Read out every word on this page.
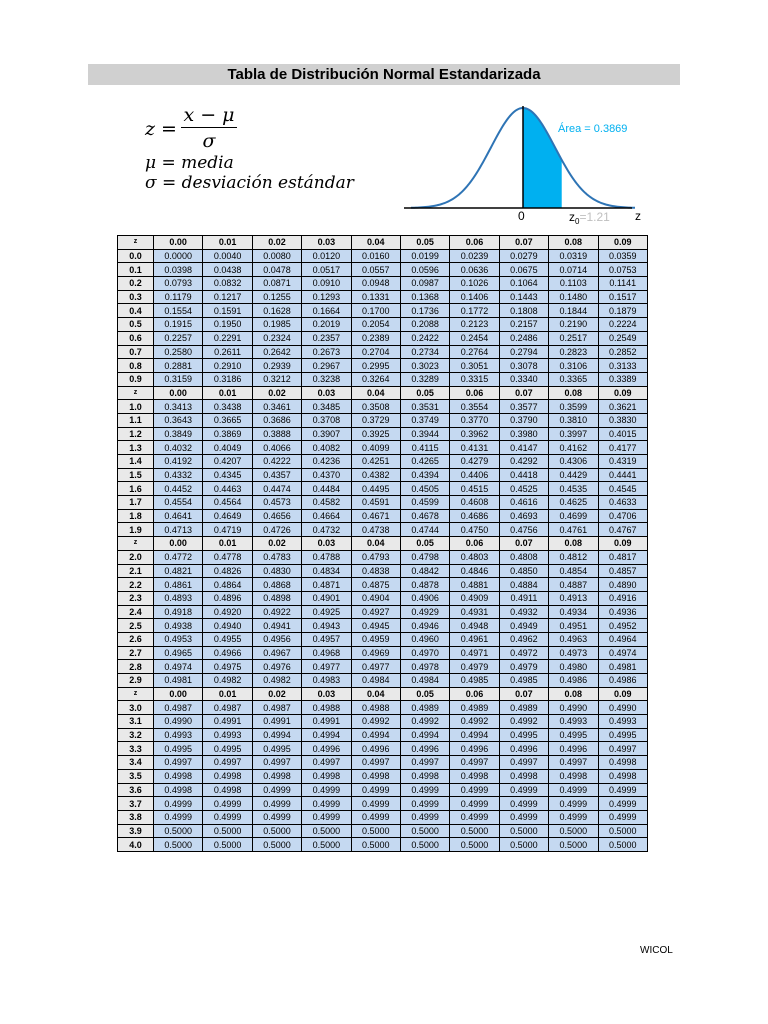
Tabla de Distribución Normal Estandarizada
$z = \frac{x - \mu}{\sigma}$
μ = media
σ = desviación estándar
Área = 0.3869
0	$z_0=1.21$ z
z	0.00	0.01	0.02	0.03	0.04	0.05	0.06	0.07	0.08	0.09
0.0	0.0000	0.0040	0.0080	0.0120	0.0160	0.0199	0.0239	0.0279	0.0319	0.0359
0.1	0.0398	0.0438	0.0478	0.0517	0.0557	0.0596	0.0636	0.0675	0.0714	0.0753
0.2	0.0793	0.0832	0.0871	0.0910	0.0948	0.0987	0.1026	0.1064	0.1103	0.1141
0.3	0.1179	0.1217	0.1255	0.1293	0.1331	0.1368	0.1406	0.1443	0.1480	0.1517
0.4	0.1554	0.1591	0.1628	0.1664	0.1700	0.1736	0.1772	0.1808	0.1844	0.1879
0.5	0.1915	0.1950	0.1985	0.2019	0.2054	0.2088	0.2123	0.2157	0.2190	0.2224
0.6	0.2257	0.2291	0.2324	0.2357	0.2389	0.2422	0.2454	0.2486	0.2517	0.2549
0.7	0.2580	0.2611	0.2642	0.2673	0.2704	0.2734	0.2764	0.2794	0.2823	0.2852
0.8	0.2881	0.2910	0.2939	0.2967	0.2995	0.3023	0.3051	0.3078	0.3106	0.3133
0.9	0.3159	0.3186	0.3212	0.3238	0.3264	0.3289	0.3315	0.3340	0.3365	0.3389
z	0.00	0.01	0.02	0.03	0.04	0.05	0.06	0.07	0.08	0.09
1.0	0.3413	0.3438	0.3461	0.3485	0.3508	0.3531	0.3554	0.3577	0.3599	0.3621
1.1	0.3643	0.3665	0.3686	0.3708	0.3729	0.3749	0.3770	0.3790	0.3810	0.3830
1.2	0.3849	0.3869	0.3888	0.3907	0.3925	0.3944	0.3962	0.3980	0.3997	0.4015
1.3	0.4032	0.4049	0.4066	0.4082	0.4099	0.4115	0.4131	0.4147	0.4162	0.4177
1.4	0.4192	0.4207	0.4222	0.4236	0.4251	0.4265	0.4279	0.4292	0.4306	0.4319
1.5	0.4332	0.4345	0.4357	0.4370	0.4382	0.4394	0.4406	0.4418	0.4429	0.4441
1.6	0.4452	0.4463	0.4474	0.4484	0.4495	0.4505	0.4515	0.4525	0.4535	0.4545
1.7	0.4554	0.4564	0.4573	0.4582	0.4591	0.4599	0.4608	0.4616	0.4625	0.4633
1.8	0.4641	0.4649	0.4656	0.4664	0.4671	0.4678	0.4686	0.4693	0.4699	0.4706
1.9	0.4713	0.4719	0.4726	0.4732	0.4738	0.4744	0.4750	0.4756	0.4761	0.4767
z	0.00	0.01	0.02	0.03	0.04	0.05	0.06	0.07	0.08	0.09
2.0	0.4772	0.4778	0.4783	0.4788	0.4793	0.4798	0.4803	0.4808	0.4812	0.4817
2.1	0.4821	0.4826	0.4830	0.4834	0.4838	0.4842	0.4846	0.4850	0.4854	0.4857
2.2	0.4861	0.4864	0.4868	0.4871	0.4875	0.4878	0.4881	0.4884	0.4887	0.4890
2.3	0.4893	0.4896	0.4898	0.4901	0.4904	0.4906	0.4909	0.4911	0.4913	0.4916
2.4	0.4918	0.4920	0.4922	0.4925	0.4927	0.4929	0.4931	0.4932	0.4934	0.4936
2.5	0.4938	0.4940	0.4941	0.4943	0.4945	0.4946	0.4948	0.4949	0.4951	0.4952
2.6	0.4953	0.4955	0.4956	0.4957	0.4959	0.4960	0.4961	0.4962	0.4963	0.4964
2.7	0.4965	0.4966	0.4967	0.4968	0.4969	0.4970	0.4971	0.4972	0.4973	0.4974
2.8	0.4974	0.4975	0.4976	0.4977	0.4977	0.4978	0.4979	0.4979	0.4980	0.4981
2.9	0.4981	0.4982	0.4982	0.4983	0.4984	0.4984	0.4985	0.4985	0.4986	0.4986
z	0.00	0.01	0.02	0.03	0.04	0.05	0.06	0.07	0.08	0.09
3.0	0.4987	0.4987	0.4987	0.4988	0.4988	0.4989	0.4989	0.4989	0.4990	0.4990
3.1	0.4990	0.4991	0.4991	0.4991	0.4992	0.4992	0.4992	0.4992	0.4993	0.4993
3.2	0.4993	0.4993	0.4994	0.4994	0.4994	0.4994	0.4994	0.4995	0.4995	0.4995
3.3	0.4995	0.4995	0.4995	0.4996	0.4996	0.4996	0.4996	0.4996	0.4996	0.4997
3.4	0.4997	0.4997	0.4997	0.4997	0.4997	0.4997	0.4997	0.4997	0.4997	0.4998
3.5	0.4998	0.4998	0.4998	0.4998	0.4998	0.4998	0.4998	0.4998	0.4998	0.4998
3.6	0.4998	0.4998	0.4999	0.4999	0.4999	0.4999	0.4999	0.4999	0.4999	0.4999
3.7	0.4999	0.4999	0.4999	0.4999	0.4999	0.4999	0.4999	0.4999	0.4999	0.4999
3.8	0.4999	0.4999	0.4999	0.4999	0.4999	0.4999	0.4999	0.4999	0.4999	0.4999
3.9	0.5000	0.5000	0.5000	0.5000	0.5000	0.5000	0.5000	0.5000	0.5000	0.5000
4.0	0.5000	0.5000	0.5000	0.5000	0.5000	0.5000	0.5000	0.5000	0.5000	0.5000
WICOL
